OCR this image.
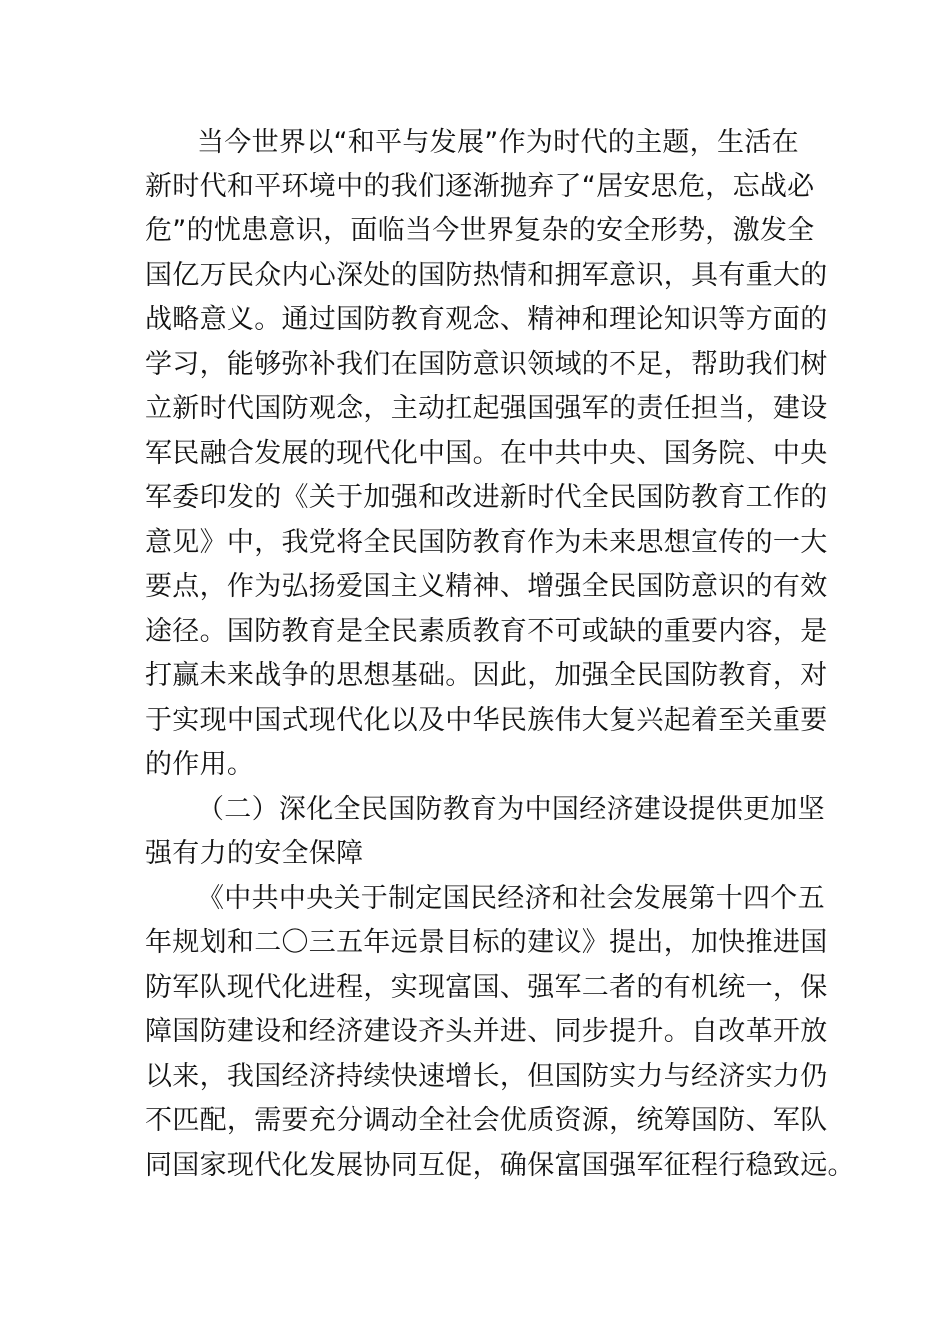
当今世界以“和平与发展”作为时代的主题，生活在
新时代和平环境中的我们逐渐抛弃了“居安思危，忘战必
危”的忧患意识，面临当今世界复杂的安全形势，激发全
国亿万民众内心深处的国防热情和拥军意识，具有重大的
战略意义。通过国防教育观念、精神和理论知识等方面的
学习，能够弥补我们在国防意识领域的不足，帮助我们树
立新时代国防观念，主动扛起强国强军的责任担当，建设
军民融合发展的现代化中国。在中共中央、国务院、中央
军委印发的《关于加强和改进新时代全民国防教育工作的
意见》中，我党将全民国防教育作为未来思想宣传的一大
要点，作为弘扬爱国主义精神、增强全民国防意识的有效
途径。国防教育是全民素质教育不可或缺的重要内容，是
打赢未来战争的思想基础。因此，加强全民国防教育，对
于实现中国式现代化以及中华民族伟大复兴起着至关重要
的作用。
（二）深化全民国防教育为中国经济建设提供更加坚
强有力的安全保障
《中共中央关于制定国民经济和社会发展第十四个五
年规划和二〇三五年远景目标的建议》提出，加快推进国
防军队现代化进程，实现富国、强军二者的有机统一，保
障国防建设和经济建设齐头并进、同步提升。自改革开放
以来，我国经济持续快速增长，但国防实力与经济实力仍
不匹配，需要充分调动全社会优质资源，统筹国防、军队
同国家现代化发展协同互促，确保富国强军征程行稳致远。
